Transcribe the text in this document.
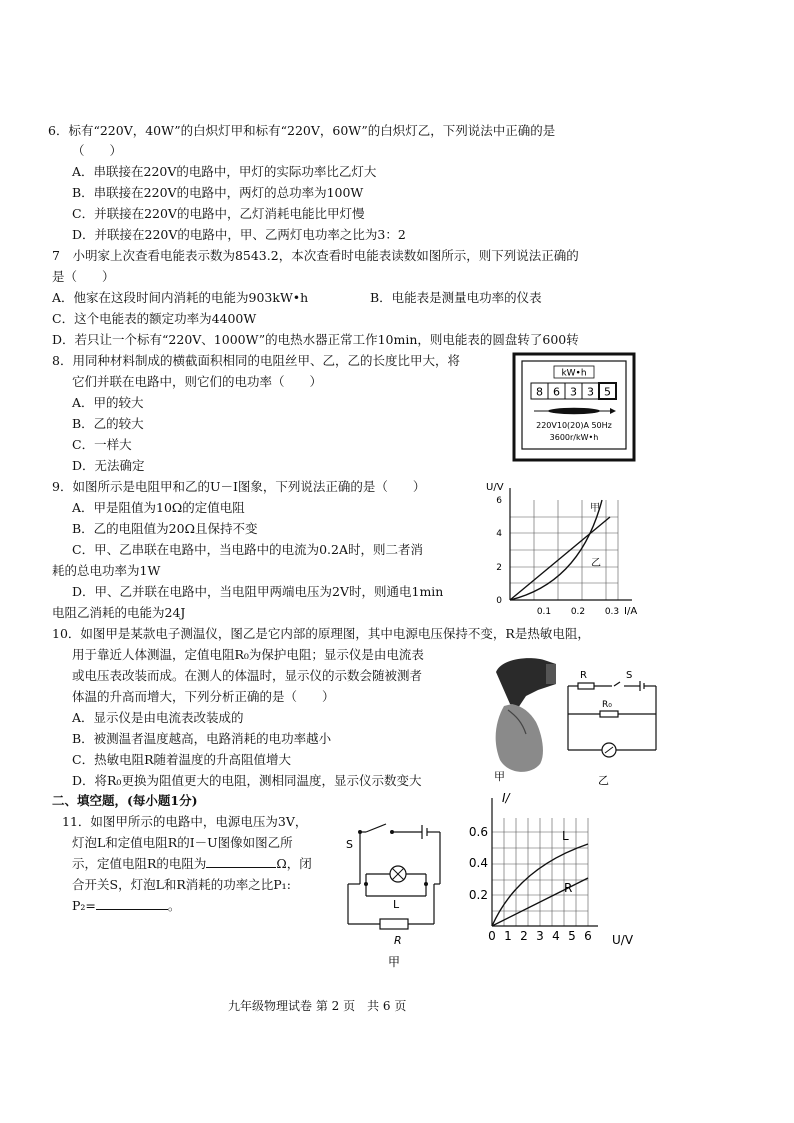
6．标有“220V，40W”的白炽灯甲和标有“220V，60W”的白炽灯乙，下列说法中正确的是
（　　）
A．串联接在220V的电路中，甲灯的实际功率比乙灯大
B．串联接在220V的电路中，两灯的总功率为100W
C．并联接在220V的电路中，乙灯消耗电能比甲灯慢
D．并联接在220V的电路中，甲、乙两灯电功率之比为3：2
7　小明家上次查看电能表示数为8543.2，本次查看时电能表读数如图所示，则下列说法正确的
是（　　）
A．他家在这段时间内消耗的电能为903kW•h	B．电能表是测量电功率的仪表
C．这个电能表的额定功率为4400W
D．若只让一个标有“220V、1000W”的电热水器正常工作10min，则电能表的圆盘转了600转
8．用同种材料制成的横截面积相同的电阻丝甲、乙，乙的长度比甲大，将
它们并联在电路中，则它们的电功率（　　）
A．甲的较大
B．乙的较大
C．一样大
D．无法确定
kW•h
8 6 3 3 5
220V10(20)A 50Hz
3600r/kW•h
9．如图所示是电阻甲和乙的U－I图象，下列说法正确的是（　　）
A．甲是阻值为10Ω的定值电阻
B．乙的电阻值为20Ω且保持不变
C．甲、乙串联在电路中，当电路中的电流为0.2A时，则二者消
耗的总电功率为1W
D．甲、乙并联在电路中，当电阻甲两端电压为2V时，则通电1min
电阻乙消耗的电能为24J
U/V
I/A
6
4
2
0
0.1 0.2 0.3
甲
乙
10．如图甲是某款电子测温仪，图乙是它内部的原理图，其中电源电压保持不变，R是热敏电阻，
用于靠近人体测温，定值电阻R₀为保护电阻；显示仪是由电流表
或电压表改装而成。在测人的体温时，显示仪的示数会随被测者
体温的升高而增大，下列分析正确的是（　　）
A．显示仪是由电流表改装成的
B．被测温者温度越高，电路消耗的电功率越小
C．热敏电阻R随着温度的升高阻值增大
D．将R₀更换为阻值更大的电阻，测相同温度，显示仪示数变大	甲
R	S
R₀
乙
二、填空题，(每小题1分)
11．如图甲所示的电路中，电源电压为3V，
灯泡L和定值电阻R的I－U图像如图乙所
示，定值电阻R的电阻为	Ω，闭
合开关S，灯泡L和R消耗的功率之比P₁:
P₂=	。
S
L
R
甲
I/
U/V
0.6
0.4
0.2
0 1 2 3 4 5 6
L
R
九年级物理试卷 第 2 页　共 6 页
